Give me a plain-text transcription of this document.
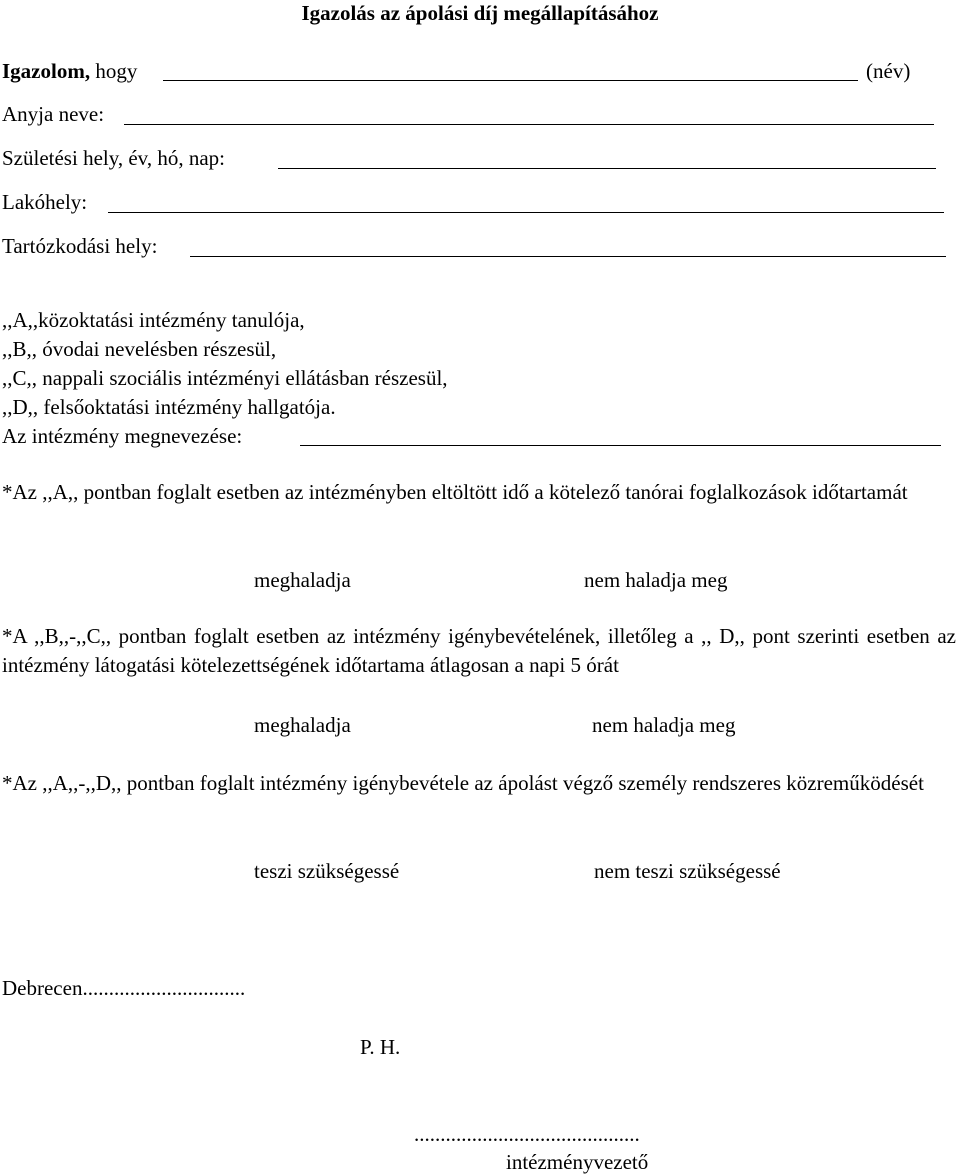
Igazolás az ápolási díj megállapításához
Igazolom, hogy	(név)
Anyja neve:
Születési hely, év, hó, nap:
Lakóhely:
Tartózkodási hely:
,,A,,közoktatási intézmény tanulója,
,,B,, óvodai nevelésben részesül,
,,C,, nappali szociális intézményi ellátásban részesül,
,,D,, felsőoktatási intézmény hallgatója.
Az intézmény megnevezése:
*Az ,,A,, pontban foglalt esetben az intézményben eltöltött idő a kötelező tanórai foglalkozások időtartamát
meghaladja	nem haladja meg
*A ,,B,,-,,C,, pontban foglalt esetben az intézmény igénybevételének, illetőleg a ,, D,, pont szerinti esetben az intézmény látogatási kötelezettségének időtartama átlagosan a napi 5 órát
meghaladja	nem haladja meg
*Az ,,A,,-,,D,, pontban foglalt intézmény igénybevétele az ápolást végző személy rendszeres közreműködését
teszi szükségessé	nem teszi szükségessé
Debrecen...............................
P. H.
...........................................
intézményvezető
